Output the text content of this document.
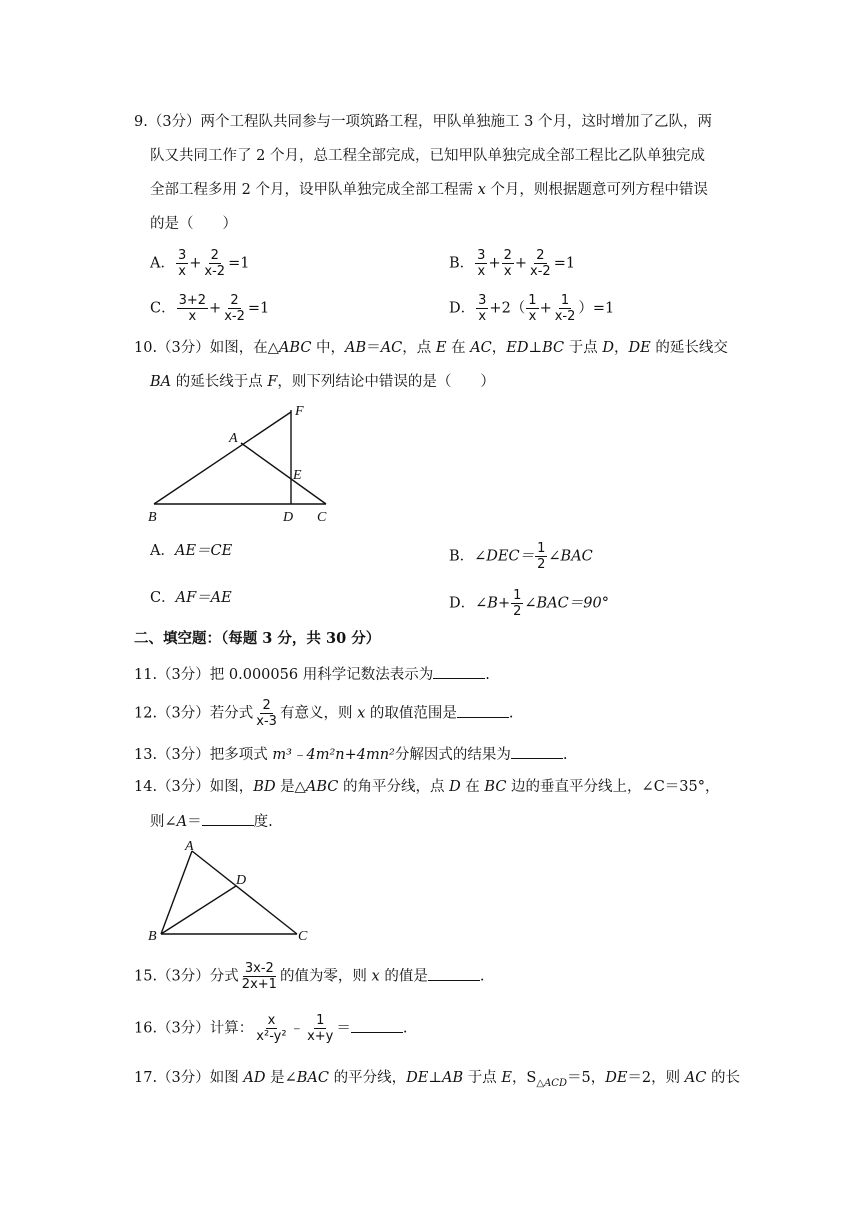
9.（3分）两个工程队共同参与一项筑路工程，甲队单独施工 3 个月，这时增加了乙队，两
队又共同工作了 2 个月，总工程全部完成，已知甲队单独完成全部工程比乙队单独完成
全部工程多用 2 个月，设甲队单独完成全部工程需 x 个月，则根据题意可列方程中错误
的是（　　）
A． $\frac{3}{x} + \frac{2}{x-2} =1$	B． $\frac{3}{x} + \frac{2}{x} + \frac{2}{x-2} =1$
C． $\frac{3+2}{x} + \frac{2}{x-2} =1$	D． $\frac{3}{x} +2( \frac{1}{x} + \frac{1}{x-2} )=1$
10.（3分）如图，在△ABC 中，AB＝AC，点 E 在 AC，ED⊥BC 于点 D，DE 的延长线交
BA 的延长线于点 F，则下列结论中错误的是（　　）
B
A
F
E
D C
A．AE＝CE	B．∠DEC＝ $\frac{1}{2}$ ∠BAC
C．AF＝AE	D．∠B+ $\frac{1}{2}$ ∠BAC＝90°
二、填空题：（每题 3 分，共 30 分）
11.（3分）把 0.000056 用科学记数法表示为	.
12.（3分）若分式 $\frac{2}{x-3}$ 有意义，则 x 的取值范围是	.
13.（3分）把多项式 m³﹣4m²n+4mn²分解因式的结果为	.
14.（3分）如图，BD 是△ABC 的角平分线，点 D 在 BC 边的垂直平分线上，∠C＝35°，
则∠A＝	度.
A
D
B	C
15.（3分）分式 $\frac{3x-2}{2x+1}$ 的值为零，则 x 的值是	.
16.（3分）计算： $\frac{x}{\text{x²-y²}}$ ﹣ $\frac{1}{x+y}$ ＝	.
17.（3分）如图 AD 是∠BAC 的平分线，DE⊥AB 于点 E，$S_{\triangle ACD}=5$，DE＝2，则 AC 的长
